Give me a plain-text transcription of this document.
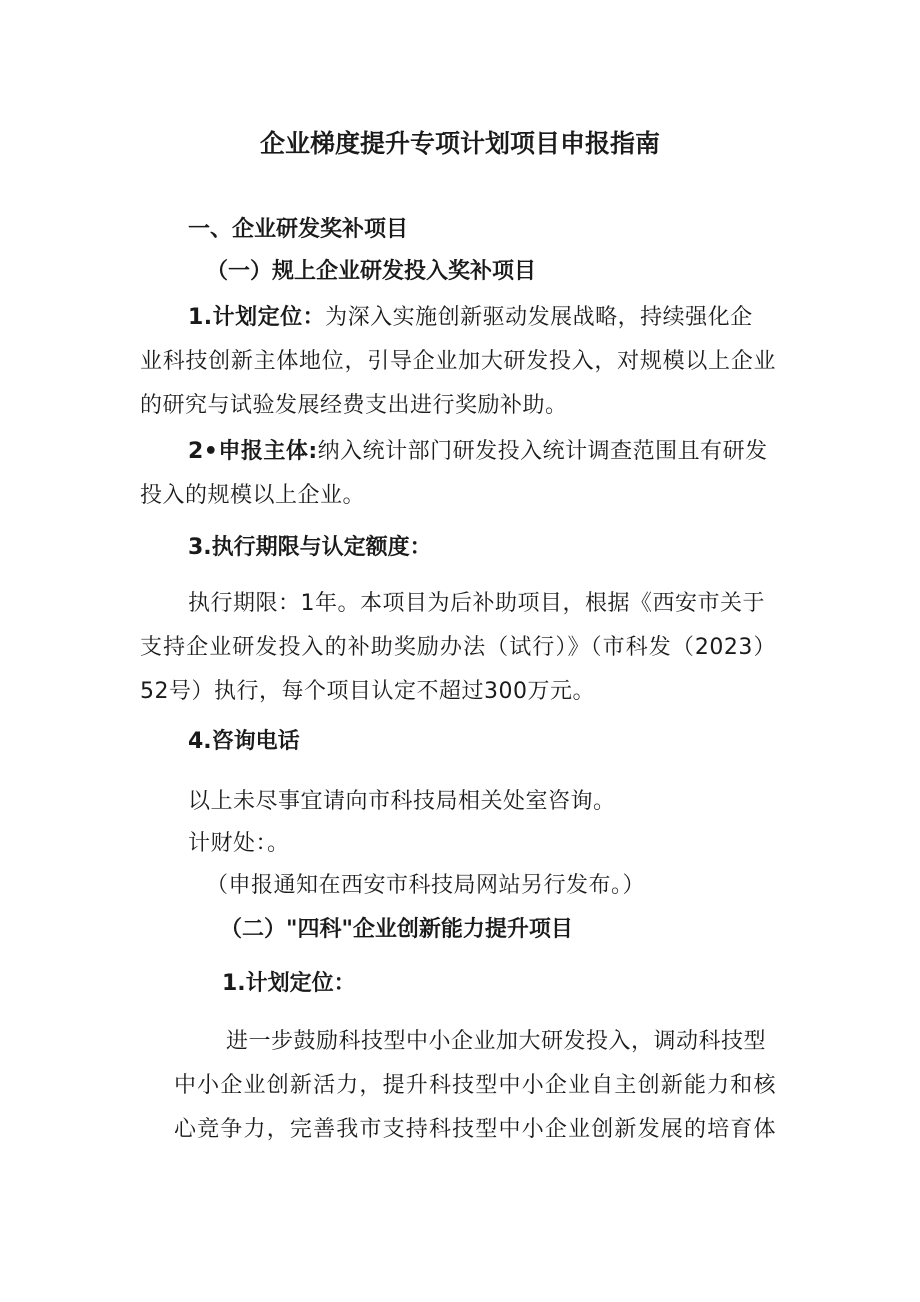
企业梯度提升专项计划项目申报指南
一、企业研发奖补项目
（一）规上企业研发投入奖补项目
1.计划定位：为深入实施创新驱动发展战略，持续强化企
业科技创新主体地位，引导企业加大研发投入，对规模以上企业
的研究与试验发展经费支出进行奖励补助。
2•申报主体:纳入统计部门研发投入统计调查范围且有研发
投入的规模以上企业。
3.执行期限与认定额度：
执行期限：1年。本项目为后补助项目，根据《西安市关于
支持企业研发投入的补助奖励办法（试行）》（市科发（2023）
52号）执行，每个项目认定不超过300万元。
4.咨询电话
以上未尽事宜请向市科技局相关处室咨询。
计财处：。
（申报通知在西安市科技局网站另行发布。）
（二）"四科"企业创新能力提升项目
1.计划定位：
进一步鼓励科技型中小企业加大研发投入，调动科技型
中小企业创新活力，提升科技型中小企业自主创新能力和核
心竞争力，完善我市支持科技型中小企业创新发展的培育体
